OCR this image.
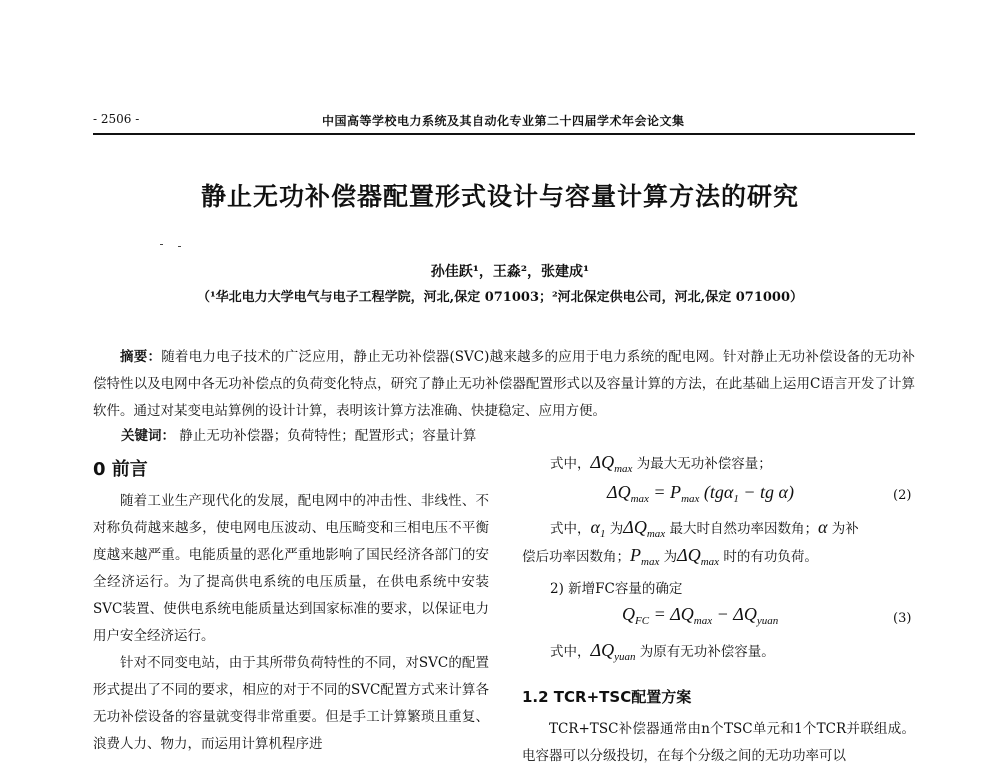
- 2506 -	中国高等学校电力系统及其自动化专业第二十四届学术年会论文集
静止无功补偿器配置形式设计与容量计算方法的研究
孙佳跃¹，王淼²，张建成¹
（¹华北电力大学电气与电子工程学院，河北,保定 071003；²河北保定供电公司，河北,保定 071000）
摘要：随着电力电子技术的广泛应用，静止无功补偿器(SVC)越来越多的应用于电力系统的配电网。针对静止无功补偿设备的无功补偿特性以及电网中各无功补偿点的负荷变化特点，研究了静止无功补偿器配置形式以及容量计算的方法，在此基础上运用C语言开发了计算软件。通过对某变电站算例的设计计算，表明该计算方法准确、快捷稳定、应用方便。
关键词： 静止无功补偿器；负荷特性；配置形式；容量计算
0 前言

随着工业生产现代化的发展，配电网中的冲击性、非线性、不对称负荷越来越多，使电网电压波动、电压畸变和三相电压不平衡度越来越严重。电能质量的恶化严重地影响了国民经济各部门的安全经济运行。为了提高供电系统的电压质量，在供电系统中安装SVC装置、使供电系统电能质量达到国家标准的要求，以保证电力用户安全经济运行。

针对不同变电站，由于其所带负荷特性的不同，对SVC的配置形式提出了不同的要求，相应的对于不同的SVC配置方式来计算各无功补偿设备的容量就变得非常重要。但是手工计算繁琐且重复、浪费人力、物力，而运用计算机程序进

式中，$\Delta Q_{max}$ 为最大无功补偿容量；
$\Delta Q_{max} = P_{max}$ (tgα$_1$ − tg α)	(2)
式中，$\alpha_1$ 为$\Delta Q_{max}$ 最大时自然功率因数角；α 为补
偿后功率因数角；$P_{max}$ 为$\Delta Q_{max}$ 时的有功负荷。
2) 新增FC容量的确定
$Q_{FC} = \Delta Q_{max} - \Delta Q_{yuan}$	(3)
式中，$\Delta Q_{yuan}$ 为原有无功补偿容量。
1.2 TCR+TSC配置方案
TCR+TSC补偿器通常由n个TSC单元和1个TCR并联组成。电容器可以分级投切，在每个分级之间的无功功率可以
